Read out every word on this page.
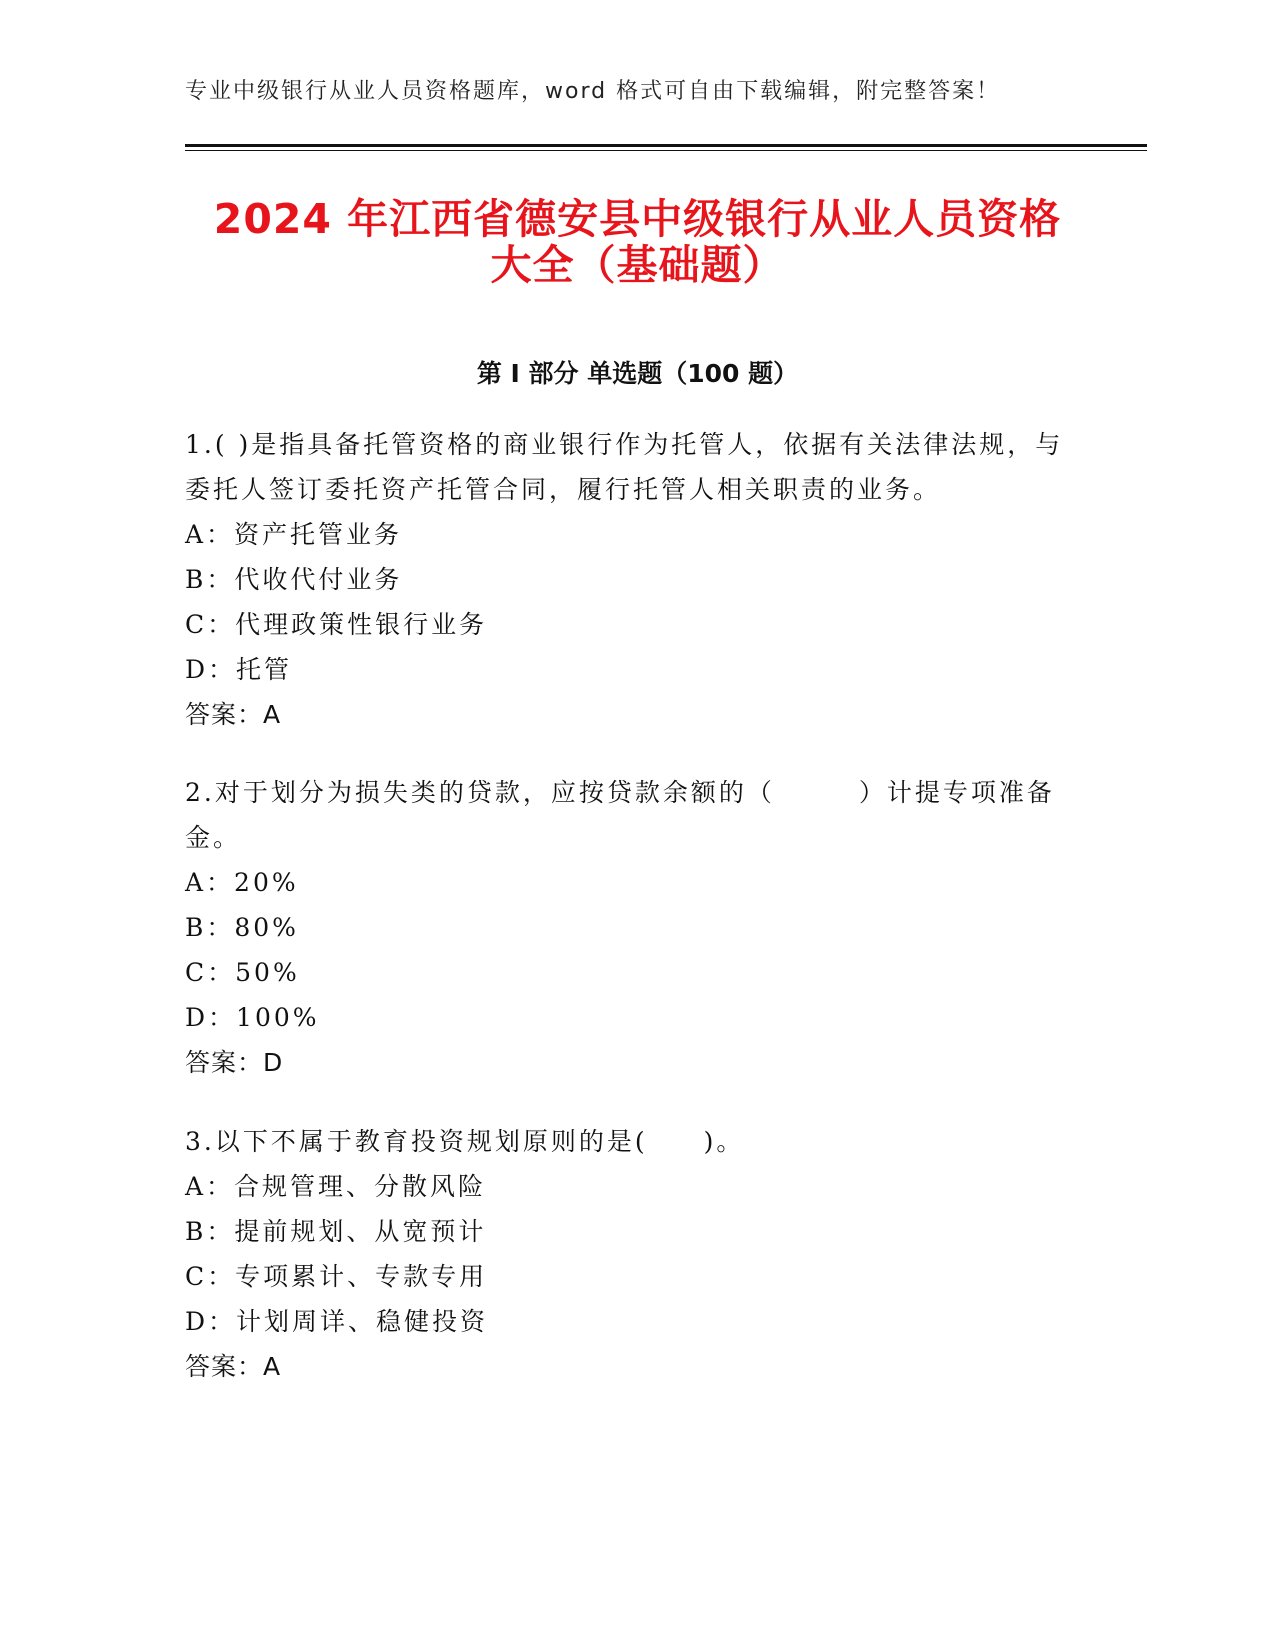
专业中级银行从业人员资格题库，word 格式可自由下载编辑，附完整答案！
2024 年江西省德安县中级银行从业人员资格
大全（基础题）
第 I 部分 单选题（100 题）

1.( )是指具备托管资格的商业银行作为托管人，依据有关法律法规，与委托人签订委托资产托管合同，履行托管人相关职责的业务。

A：资产托管业务

B：代收代付业务

C：代理政策性银行业务

D：托管

答案：A

2.对于划分为损失类的贷款，应按贷款余额的（　　　）计提专项准备金。

A：20%

B：80%

C：50%

D：100%

答案：D

3.以下不属于教育投资规划原则的是(　　)。

A：合规管理、分散风险

B：提前规划、从宽预计

C：专项累计、专款专用

D：计划周详、稳健投资

答案：A
